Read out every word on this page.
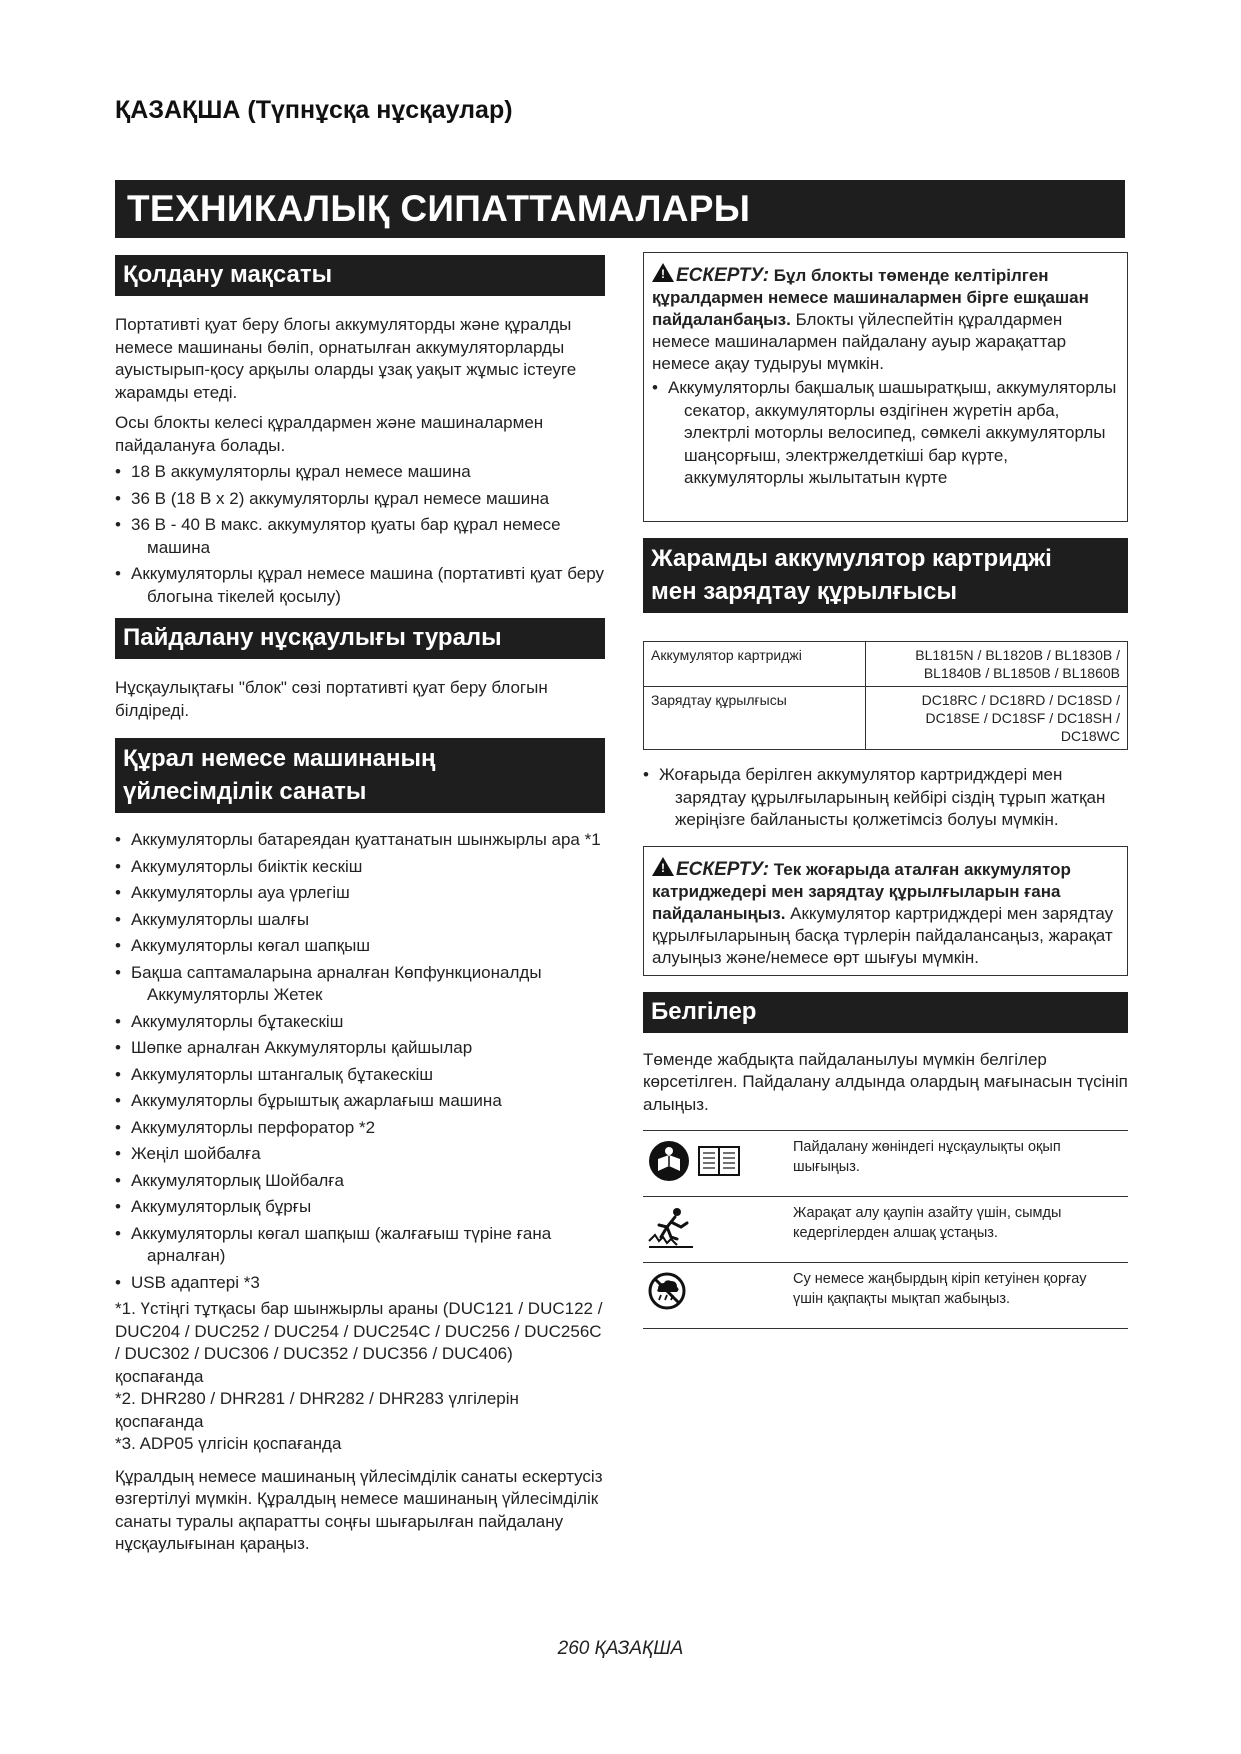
ҚАЗАҚША (Түпнұсқа нұсқаулар)
ТЕХНИКАЛЫҚ СИПАТТАМАЛАРЫ
Қолдану мақсаты

Портативті қуат беру блогы аккумуляторды және құралды немесе машинаны бөліп, орнатылған аккумуляторларды ауыстырып-қосу арқылы оларды ұзақ уақыт жұмыс істеуге жарамды етеді.

Осы блокты келесі құралдармен және машиналармен пайдалануға болады.

• 18 В аккумуляторлы құрал немесе машина
• 36 В (18 В x 2) аккумуляторлы құрал немесе машина
• 36 В - 40 В макс. аккумулятор қуаты бар құрал немесе машина
• Аккумуляторлы құрал немесе машина (портативті қуат беру блогына тікелей қосылу)
Пайдалану нұсқаулығы туралы

Нұсқаулықтағы "блок" сөзі портативті қуат беру блогын білдіреді.

Құрал немесе машинаның
үйлесімділік санаты
• Аккумуляторлы батареядан қуаттанатын шынжырлы ара *1
• Аккумуляторлы биіктік кескіш
• Аккумуляторлы ауа үрлегіш
• Аккумуляторлы шалғы
• Аккумуляторлы көгал шапқыш
• Бақша саптамаларына арналған Көпфункционалды Аккумуляторлы Жетек
• Аккумуляторлы бұтакескіш
• Шөпке арналған Аккумуляторлы қайшылар
• Аккумуляторлы штангалық бұтакескіш
• Аккумуляторлы бұрыштық ажарлағыш машина
• Аккумуляторлы перфоратор *2
• Жеңіл шойбалға
• Аккумуляторлық Шойбалға
• Аккумуляторлық бұрғы
• Аккумуляторлы көгал шапқыш (жалғағыш түріне ғана арналған)
• USB адаптері *3

*1. Үстіңгі тұтқасы бар шынжырлы араны (DUC121 / DUC122 / DUC204 / DUC252 / DUC254 / DUC254C / DUC256 / DUC256C / DUC302 / DUC306 / DUC352 / DUC356 / DUC406) қоспағанда

*2. DHR280 / DHR281 / DHR282 / DHR283 үлгілерін қоспағанда

*3. ADP05 үлгісін қоспағанда

Құралдың немесе машинаның үйлесімділік санаты ескертусіз өзгертілуі мүмкін. Құралдың немесе машинаның үйлесімділік санаты туралы ақпаратты соңғы шығарылған пайдалану нұсқаулығынан қараңыз.

! ЕСКЕРТУ: Бұл блокты төменде келтірілген құралдармен немесе машиналармен бірге ешқашан пайдаланбаңыз. Блокты үйлеспейтін құралдармен немесе машиналармен пайдалану ауыр жарақаттар немесе ақау тудыруы мүмкін.
• Аккумуляторлы бақшалық шашыратқыш, аккумуляторлы секатор, аккумуляторлы өздігінен жүретін арба, электрлі моторлы велосипед, сөмкелі аккумуляторлы шаңсорғыш, электржелдеткіші бар күрте, аккумуляторлы жылытатын күрте
Жарамды аккумулятор картриджі
мен зарядтау құрылғысы
Аккумулятор картриджі	BL1815N / BL1820B / BL1830B / BL1840B / BL1850B / BL1860B
Зарядтау құрылғысы	DC18RC / DC18RD / DC18SD / DC18SE / DC18SF / DC18SH / DC18WC
• Жоғарыда берілген аккумулятор картридждері мен зарядтау құрылғыларының кейбірі сіздің тұрып жатқан жеріңізге байланысты қолжетімсіз болуы мүмкін.
! ЕСКЕРТУ: Тек жоғарыда аталған аккумулятор катриджедері мен зарядтау құрылғыларын ғана пайдаланыңыз. Аккумулятор картридждері мен зарядтау құрылғыларының басқа түрлерін пайдалансаңыз, жарақат алуыңыз және/немесе өрт шығуы мүмкін.
Белгілер

Төменде жабдықта пайдаланылуы мүмкін белгілер көрсетілген. Пайдалану алдында олардың мағынасын түсініп алыңыз.

Пайдалану жөніндегі нұсқаулықты оқып шығыңыз.
Жарақат алу қаупін азайту үшін, сымды кедергілерден алшақ ұстаңыз.
Су немесе жаңбырдың кіріп кетуінен қорғау үшін қақпақты мықтап жабыңыз.
260 ҚАЗАҚША
